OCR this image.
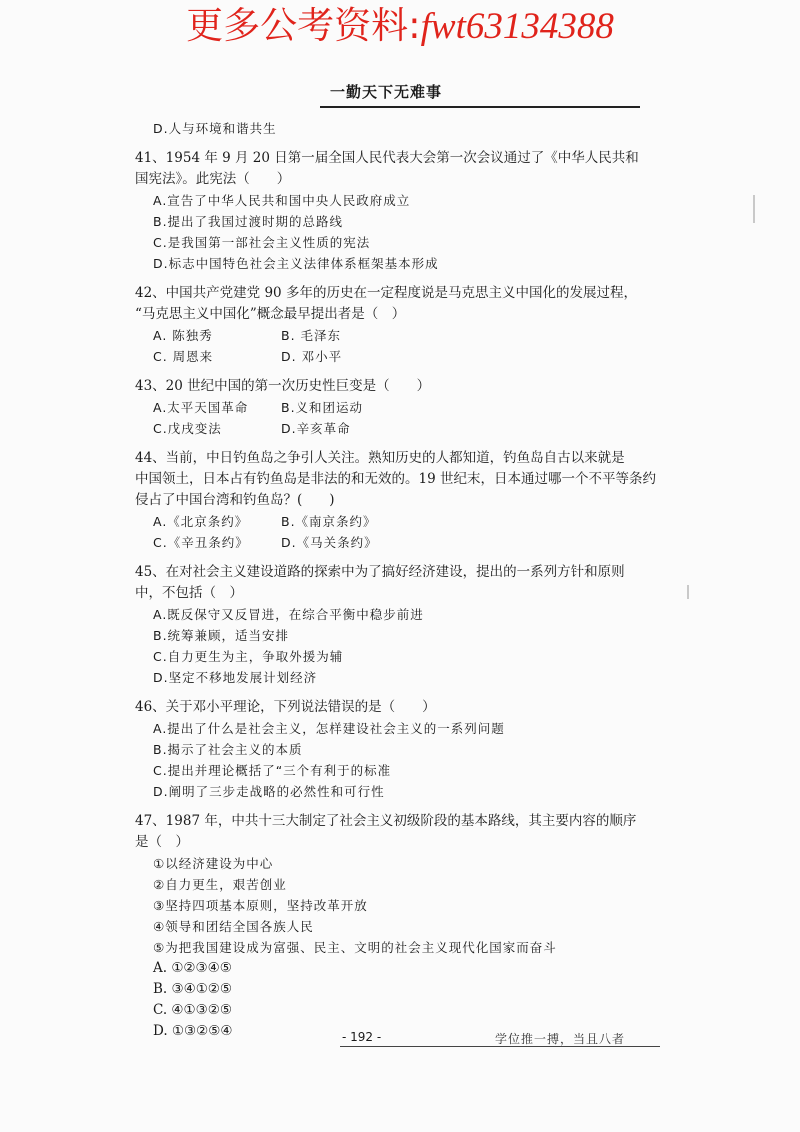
更多公考资料:fwt63134388
一勤天下无难事
D.人与环境和谐共生
41、1954 年 9 月 20 日第一届全国人民代表大会第一次会议通过了《中华人民共和
国宪法》。此宪法（　　）
A.宣告了中华人民共和国中央人民政府成立
B.提出了我国过渡时期的总路线
C.是我国第一部社会主义性质的宪法
D.标志中国特色社会主义法律体系框架基本形成
42、中国共产党建党 90 多年的历史在一定程度说是马克思主义中国化的发展过程，
“马克思主义中国化”概念最早提出者是（　）
A. 陈独秀	B. 毛泽东
C. 周恩来	D. 邓小平
43、20 世纪中国的第一次历史性巨变是（　　）
A.太平天国革命	B.义和团运动
C.戊戌变法	D.辛亥革命
44、当前，中日钓鱼岛之争引人关注。熟知历史的人都知道，钓鱼岛自古以来就是
中国领土，日本占有钓鱼岛是非法的和无效的。19 世纪末，日本通过哪一个不平等条约
侵占了中国台湾和钓鱼岛？(　　)
A.《北京条约》	B.《南京条约》
C.《辛丑条约》	D.《马关条约》
45、在对社会主义建设道路的探索中为了搞好经济建设，提出的一系列方针和原则
中，不包括（　）
A.既反保守又反冒进，在综合平衡中稳步前进
B.统筹兼顾，适当安排
C.自力更生为主，争取外援为辅
D.坚定不移地发展计划经济
46、关于邓小平理论，下列说法错误的是（　　）
A.提出了什么是社会主义，怎样建设社会主义的一系列问题
B.揭示了社会主义的本质
C.提出并理论概括了“三个有利于的标准
D.阐明了三步走战略的必然性和可行性
47、1987 年，中共十三大制定了社会主义初级阶段的基本路线，其主要内容的顺序
是（　）
①以经济建设为中心
②自力更生，艰苦创业
③坚持四项基本原则，坚持改革开放
④领导和团结全国各族人民
⑤为把我国建设成为富强、民主、文明的社会主义现代化国家而奋斗
A. ①②③④⑤
B. ③④①②⑤
C. ④①③②⑤
D. ①③②⑤④	- 192 -	学位推一搏，当且八者
